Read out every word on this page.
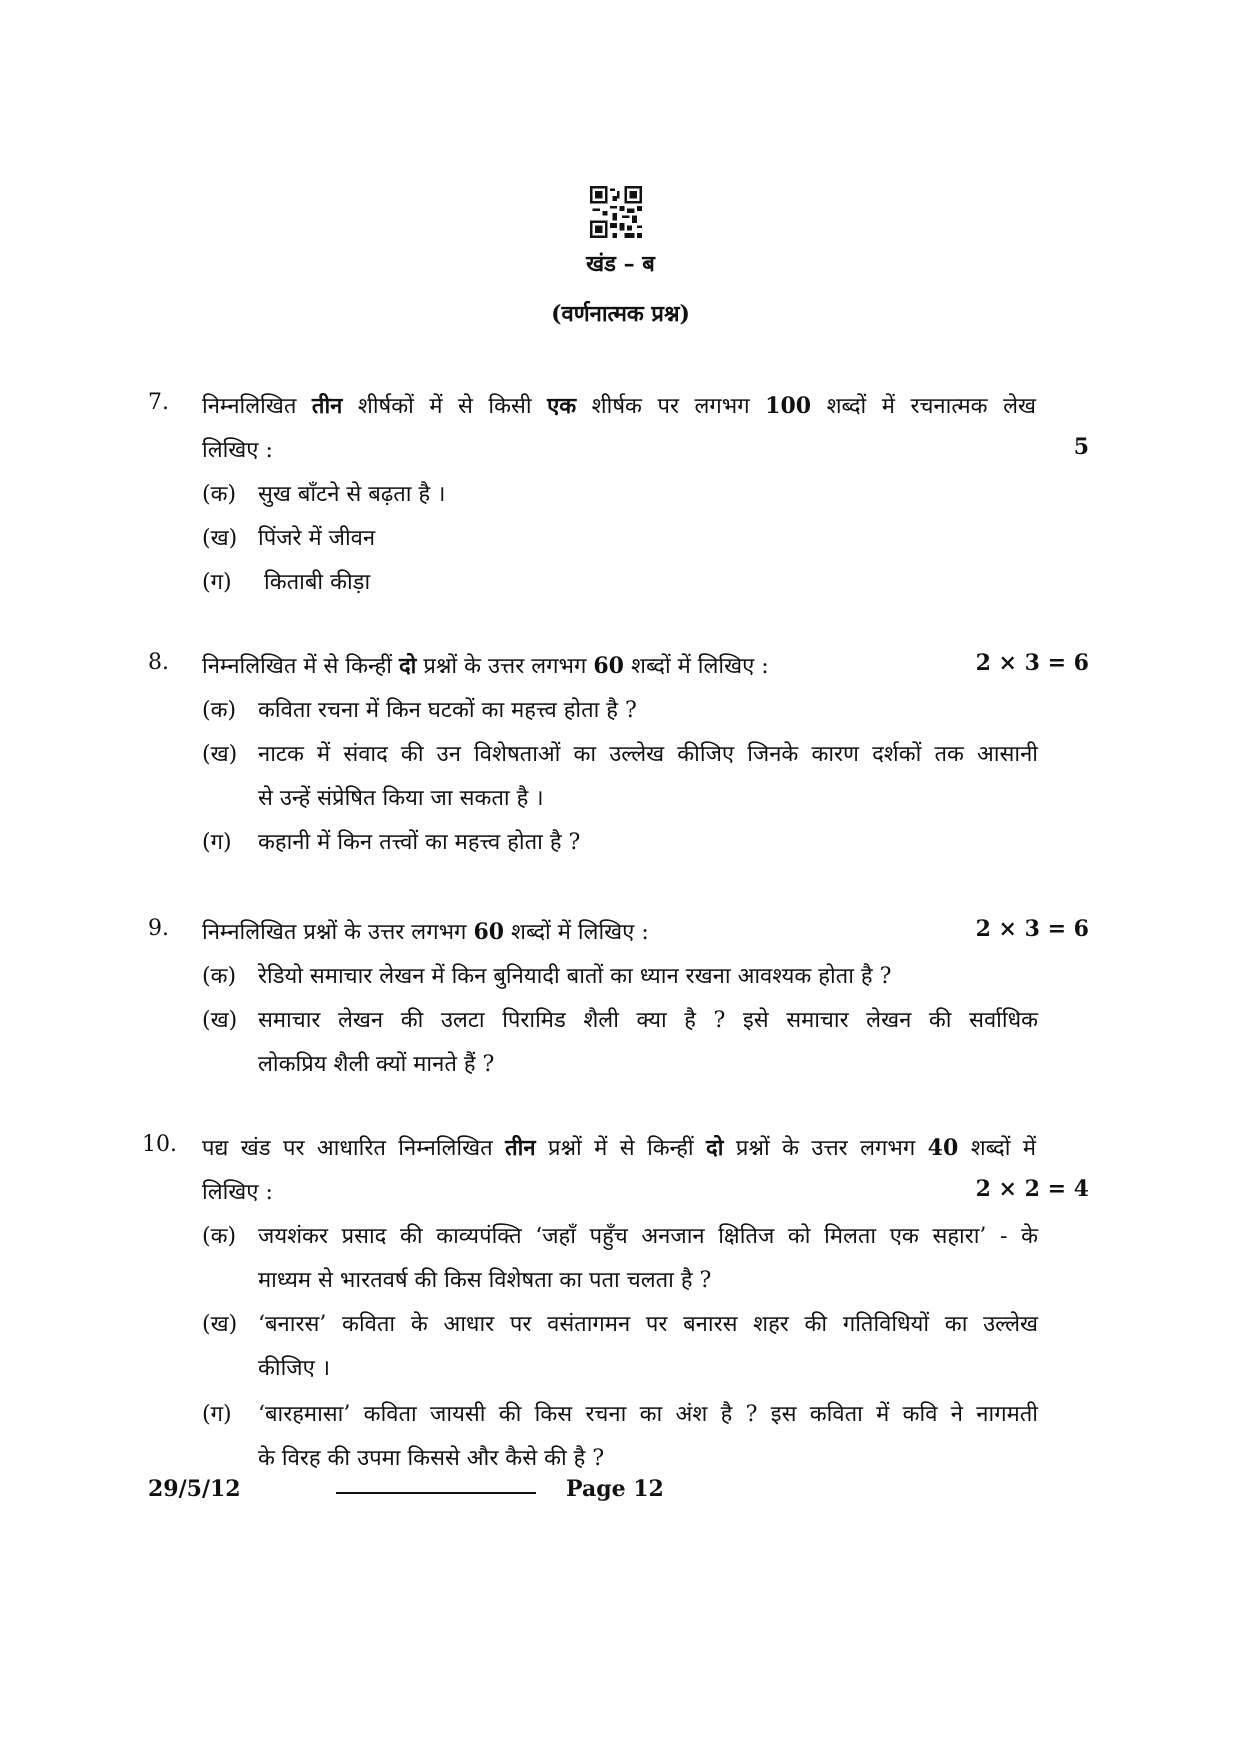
खंड – ब
(वर्णनात्मक प्रश्न)
7. निम्नलिखित तीन शीर्षकों में से किसी एक शीर्षक पर लगभग 100 शब्दों में रचनात्मक लेख
लिखिए :	5
(क) सुख बाँटने से बढ़ता है ।
(ख) पिंजरे में जीवन
(ग) किताबी कीड़ा
8. निम्नलिखित में से किन्हीं दो प्रश्नों के उत्तर लगभग 60 शब्दों में लिखिए :	2 × 3 = 6
(क) कविता रचना में किन घटकों का महत्त्व होता है ?
(ख) नाटक में संवाद की उन विशेषताओं का उल्लेख कीजिए जिनके कारण दर्शकों तक आसानी
से उन्हें संप्रेषित किया जा सकता है ।
(ग) कहानी में किन तत्त्वों का महत्त्व होता है ?
9. निम्नलिखित प्रश्नों के उत्तर लगभग 60 शब्दों में लिखिए :	2 × 3 = 6
(क) रेडियो समाचार लेखन में किन बुनियादी बातों का ध्यान रखना आवश्यक होता है ?
(ख) समाचार लेखन की उलटा पिरामिड शैली क्या है ? इसे समाचार लेखन की सर्वाधिक
लोकप्रिय शैली क्यों मानते हैं ?
10. पद्य खंड पर आधारित निम्नलिखित तीन प्रश्नों में से किन्हीं दो प्रश्नों के उत्तर लगभग 40 शब्दों में
लिखिए :	2 × 2 = 4
(क) जयशंकर प्रसाद की काव्यपंक्ति ‘जहाँ पहुँच अनजान क्षितिज को मिलता एक सहारा’ - के
माध्यम से भारतवर्ष की किस विशेषता का पता चलता है ?
(ख) ‘बनारस’ कविता के आधार पर वसंतागमन पर बनारस शहर की गतिविधियों का उल्लेख
कीजिए ।
(ग) ‘बारहमासा’ कविता जायसी की किस रचना का अंश है ? इस कविता में कवि ने नागमती
के विरह की उपमा किससे और कैसे की है ?
29/5/12	Page 12
